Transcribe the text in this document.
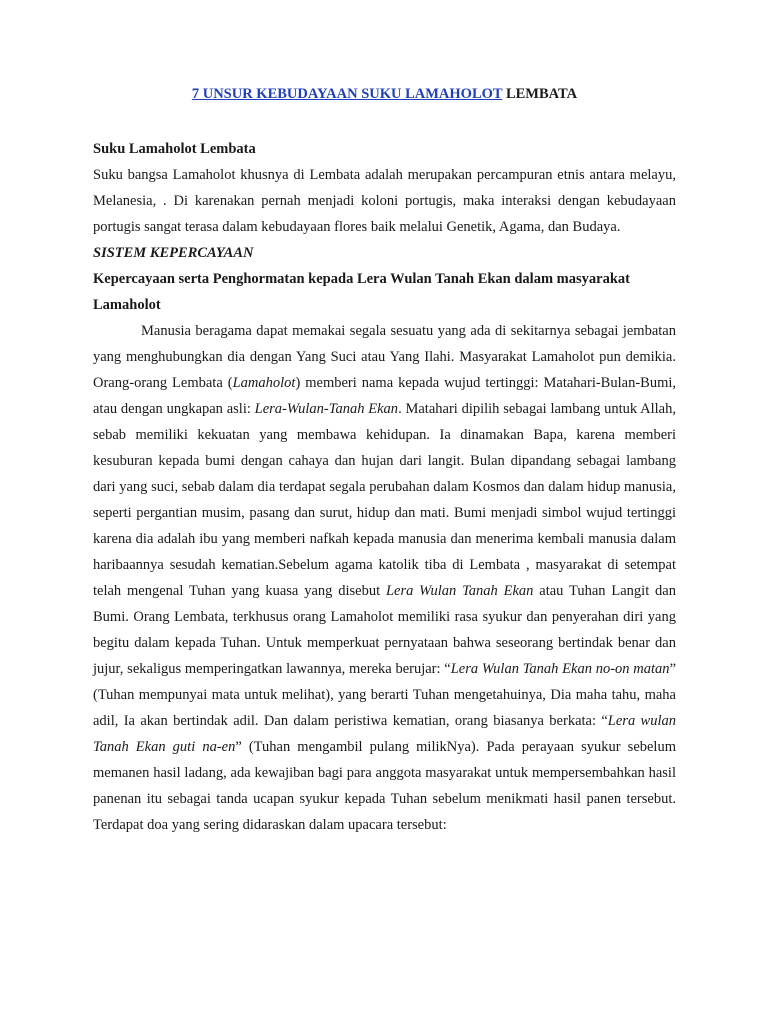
7 UNSUR KEBUDAYAAN SUKU LAMAHOLOT LEMBATA

Suku Lamaholot Lembata

Suku bangsa Lamaholot khusnya di Lembata adalah merupakan percampuran etnis antara melayu, Melanesia, . Di karenakan pernah menjadi koloni portugis, maka interaksi dengan kebudayaan portugis sangat terasa dalam kebudayaan flores baik melalui Genetik, Agama, dan Budaya.

SISTEM KEPERCAYAAN

Kepercayaan serta Penghormatan kepada Lera Wulan Tanah Ekan dalam masyarakat Lamaholot

Manusia beragama dapat memakai segala sesuatu yang ada di sekitarnya sebagai jembatan yang menghubungkan dia dengan Yang Suci atau Yang Ilahi. Masyarakat Lamaholot pun demikia. Orang-orang Lembata (Lamaholot) memberi nama kepada wujud tertinggi: Matahari-Bulan-Bumi, atau dengan ungkapan asli: Lera-Wulan-Tanah Ekan. Matahari dipilih sebagai lambang untuk Allah, sebab memiliki kekuatan yang membawa kehidupan. Ia dinamakan Bapa, karena memberi kesuburan kepada bumi dengan cahaya dan hujan dari langit. Bulan dipandang sebagai lambang dari yang suci, sebab dalam dia terdapat segala perubahan dalam Kosmos dan dalam hidup manusia, seperti pergantian musim, pasang dan surut, hidup dan mati. Bumi menjadi simbol wujud tertinggi karena dia adalah ibu yang memberi nafkah kepada manusia dan menerima kembali manusia dalam haribaannya sesudah kematian.Sebelum agama katolik tiba di Lembata , masyarakat di setempat telah mengenal Tuhan yang kuasa yang disebut Lera Wulan Tanah Ekan atau Tuhan Langit dan Bumi. Orang Lembata, terkhusus orang Lamaholot memiliki rasa syukur dan penyerahan diri yang begitu dalam kepada Tuhan. Untuk memperkuat pernyataan bahwa seseorang bertindak benar dan jujur, sekaligus memperingatkan lawannya, mereka berujar: “Lera Wulan Tanah Ekan no-on matan” (Tuhan mempunyai mata untuk melihat), yang berarti Tuhan mengetahuinya, Dia maha tahu, maha adil, Ia akan bertindak adil. Dan dalam peristiwa kematian, orang biasanya berkata: “Lera wulan Tanah Ekan guti na-en” (Tuhan mengambil pulang milikNya). Pada perayaan syukur sebelum memanen hasil ladang, ada kewajiban bagi para anggota masyarakat untuk mempersembahkan hasil panenan itu sebagai tanda ucapan syukur kepada Tuhan sebelum menikmati hasil panen tersebut. Terdapat doa yang sering didaraskan dalam upacara tersebut:
